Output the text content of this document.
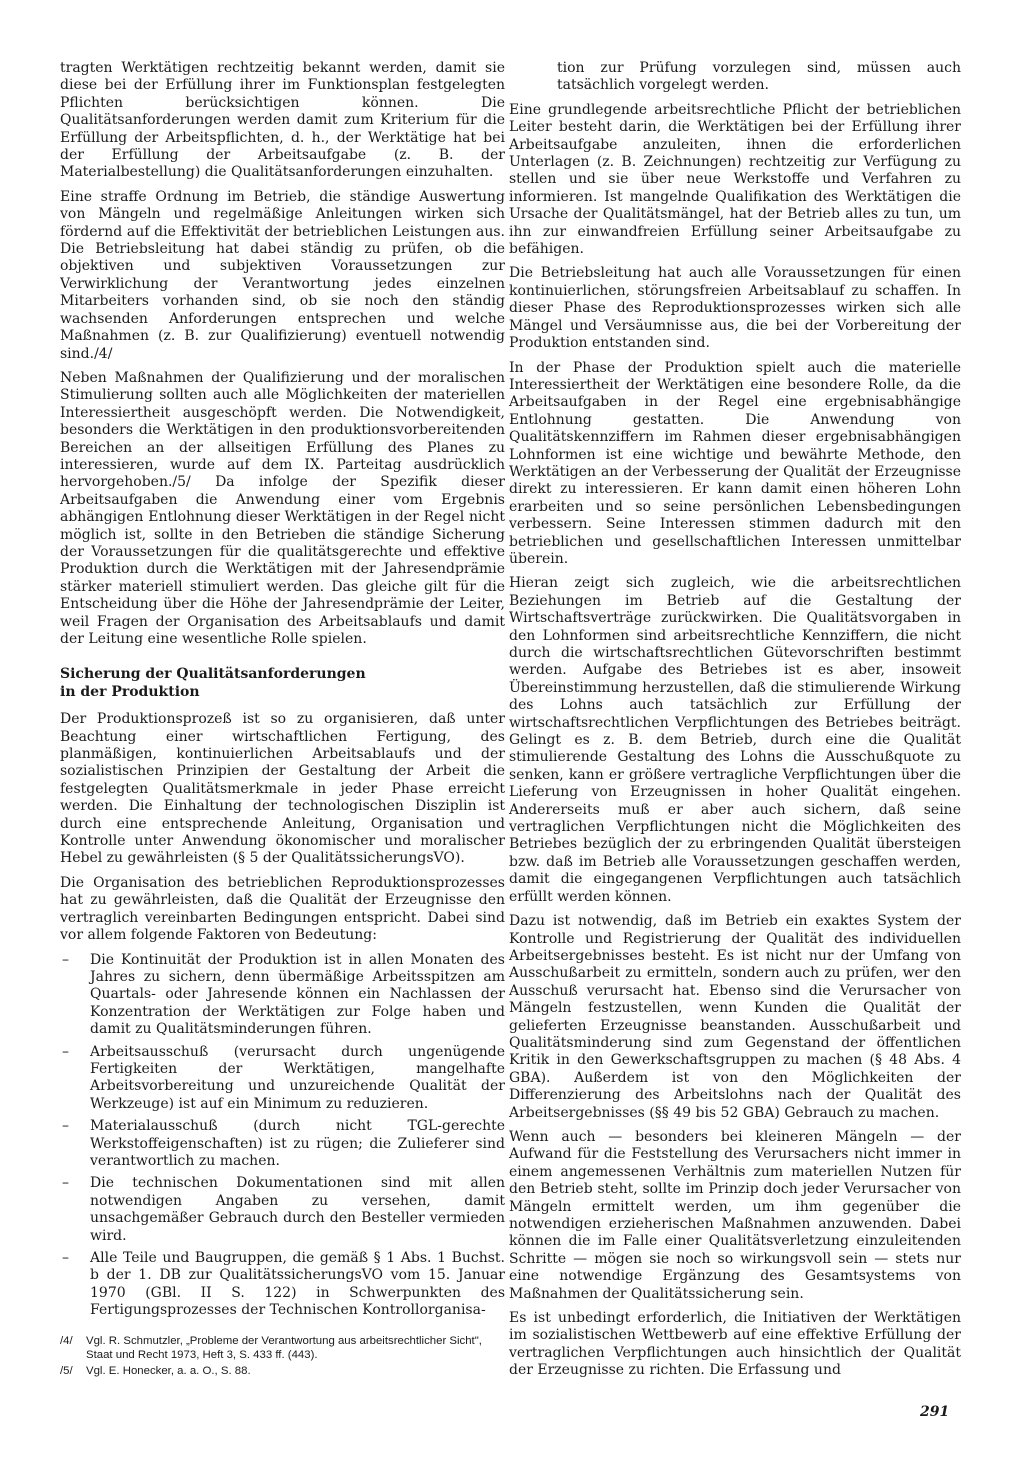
tragten Werktätigen rechtzeitig bekannt werden, damit sie diese bei der Erfüllung ihrer im Funktionsplan festgelegten Pflichten berücksichtigen können. Die Qualitätsanforderungen werden damit zum Kriterium für die Erfüllung der Arbeitspflichten, d. h., der Werktätige hat bei der Erfüllung der Arbeitsaufgabe (z. B. der Materialbestellung) die Qualitätsanforderungen einzuhalten.

Eine straffe Ordnung im Betrieb, die ständige Auswertung von Mängeln und regelmäßige Anleitungen wirken sich fördernd auf die Effektivität der betrieblichen Leistungen aus. Die Betriebsleitung hat dabei ständig zu prüfen, ob die objektiven und subjektiven Voraussetzungen zur Verwirklichung der Verantwortung jedes einzelnen Mitarbeiters vorhanden sind, ob sie noch den ständig wachsenden Anforderungen entsprechen und welche Maßnahmen (z. B. zur Qualifizierung) eventuell notwendig sind./4/

Neben Maßnahmen der Qualifizierung und der moralischen Stimulierung sollten auch alle Möglichkeiten der materiellen Interessiertheit ausgeschöpft werden. Die Notwendigkeit, besonders die Werktätigen in den produktionsvorbereitenden Bereichen an der allseitigen Erfüllung des Planes zu interessieren, wurde auf dem IX. Parteitag ausdrücklich hervorgehoben./5/ Da infolge der Spezifik dieser Arbeitsaufgaben die Anwendung einer vom Ergebnis abhängigen Entlohnung dieser Werktätigen in der Regel nicht möglich ist, sollte in den Betrieben die ständige Sicherung der Voraussetzungen für die qualitätsgerechte und effektive Produktion durch die Werktätigen mit der Jahresendprämie stärker materiell stimuliert werden. Das gleiche gilt für die Entscheidung über die Höhe der Jahresendprämie der Leiter, weil Fragen der Organisation des Arbeitsablaufs und damit der Leitung eine wesentliche Rolle spielen.

Sicherung der Qualitätsanforderungen
in der Produktion

Der Produktionsprozeß ist so zu organisieren, daß unter Beachtung einer wirtschaftlichen Fertigung, des planmäßigen, kontinuierlichen Arbeitsablaufs und der sozialistischen Prinzipien der Gestaltung der Arbeit die festgelegten Qualitätsmerkmale in jeder Phase erreicht werden. Die Einhaltung der technologischen Disziplin ist durch eine entsprechende Anleitung, Organisation und Kontrolle unter Anwendung ökonomischer und moralischer Hebel zu gewährleisten (§ 5 der QualitätssicherungsVO).

Die Organisation des betrieblichen Reproduktionsprozesses hat zu gewährleisten, daß die Qualität der Erzeugnisse den vertraglich vereinbarten Bedingungen entspricht. Dabei sind vor allem folgende Faktoren von Bedeutung:

– Die Kontinuität der Produktion ist in allen Monaten des Jahres zu sichern, denn übermäßige Arbeitsspitzen am Quartals- oder Jahresende können ein Nachlassen der Konzentration der Werktätigen zur Folge haben und damit zu Qualitätsminderungen führen.
– Arbeitsausschuß (verursacht durch ungenügende Fertigkeiten der Werktätigen, mangelhafte Arbeitsvorbereitung und unzureichende Qualität der Werkzeuge) ist auf ein Minimum zu reduzieren.
– Materialausschuß (durch nicht TGL-gerechte Werkstoffeigenschaften) ist zu rügen; die Zulieferer sind verantwortlich zu machen.
– Die technischen Dokumentationen sind mit allen notwendigen Angaben zu versehen, damit unsachgemäßer Gebrauch durch den Besteller vermieden wird.
– Alle Teile und Baugruppen, die gemäß § 1 Abs. 1 Buchst. b der 1. DB zur QualitätssicherungsVO vom 15. Januar 1970 (GBl. II S. 122) in Schwerpunkten des Fertigungsprozesses der Technischen Kontrollorganisa-
/4/	Vgl. R. Schmutzler, „Probleme der Verantwortung aus arbeitsrechtlicher Sicht", Staat und Recht 1973, Heft 3, S. 433 ff. (443).
/5/	Vgl. E. Honecker, a. a. O., S. 88.

tion zur Prüfung vorzulegen sind, müssen auch tatsächlich vorgelegt werden.

Eine grundlegende arbeitsrechtliche Pflicht der betrieblichen Leiter besteht darin, die Werktätigen bei der Erfüllung ihrer Arbeitsaufgabe anzuleiten, ihnen die erforderlichen Unterlagen (z. B. Zeichnungen) rechtzeitig zur Verfügung zu stellen und sie über neue Werkstoffe und Verfahren zu informieren. Ist mangelnde Qualifikation des Werktätigen die Ursache der Qualitätsmängel, hat der Betrieb alles zu tun, um ihn zur einwandfreien Erfüllung seiner Arbeitsaufgabe zu befähigen.

Die Betriebsleitung hat auch alle Voraussetzungen für einen kontinuierlichen, störungsfreien Arbeitsablauf zu schaffen. In dieser Phase des Reproduktionsprozesses wirken sich alle Mängel und Versäumnisse aus, die bei der Vorbereitung der Produktion entstanden sind.

In der Phase der Produktion spielt auch die materielle Interessiertheit der Werktätigen eine besondere Rolle, da die Arbeitsaufgaben in der Regel eine ergebnisabhängige Entlohnung gestatten. Die Anwendung von Qualitätskennziffern im Rahmen dieser ergebnisabhängigen Lohnformen ist eine wichtige und bewährte Methode, den Werktätigen an der Verbesserung der Qualität der Erzeugnisse direkt zu interessieren. Er kann damit einen höheren Lohn erarbeiten und so seine persönlichen Lebensbedingungen verbessern. Seine Interessen stimmen dadurch mit den betrieblichen und gesellschaftlichen Interessen unmittelbar überein.

Hieran zeigt sich zugleich, wie die arbeitsrechtlichen Beziehungen im Betrieb auf die Gestaltung der Wirtschaftsverträge zurückwirken. Die Qualitätsvorgaben in den Lohnformen sind arbeitsrechtliche Kennziffern, die nicht durch die wirtschaftsrechtlichen Gütevorschriften bestimmt werden. Aufgabe des Betriebes ist es aber, insoweit Übereinstimmung herzustellen, daß die stimulierende Wirkung des Lohns auch tatsächlich zur Erfüllung der wirtschaftsrechtlichen Verpflichtungen des Betriebes beiträgt. Gelingt es z. B. dem Betrieb, durch eine die Qualität stimulierende Gestaltung des Lohns die Ausschußquote zu senken, kann er größere vertragliche Verpflichtungen über die Lieferung von Erzeugnissen in hoher Qualität eingehen. Andererseits muß er aber auch sichern, daß seine vertraglichen Verpflichtungen nicht die Möglichkeiten des Betriebes bezüglich der zu erbringenden Qualität übersteigen bzw. daß im Betrieb alle Voraussetzungen geschaffen werden, damit die eingegangenen Verpflichtungen auch tatsächlich erfüllt werden können.

Dazu ist notwendig, daß im Betrieb ein exaktes System der Kontrolle und Registrierung der Qualität des individuellen Arbeitsergebnisses besteht. Es ist nicht nur der Umfang von Ausschußarbeit zu ermitteln, sondern auch zu prüfen, wer den Ausschuß verursacht hat. Ebenso sind die Verursacher von Mängeln festzustellen, wenn Kunden die Qualität der gelieferten Erzeugnisse beanstanden. Ausschußarbeit und Qualitätsminderung sind zum Gegenstand der öffentlichen Kritik in den Gewerkschaftsgruppen zu machen (§ 48 Abs. 4 GBA). Außerdem ist von den Möglichkeiten der Differenzierung des Arbeitslohns nach der Qualität des Arbeitsergebnisses (§§ 49 bis 52 GBA) Gebrauch zu machen.

Wenn auch — besonders bei kleineren Mängeln — der Aufwand für die Feststellung des Verursachers nicht immer in einem angemessenen Verhältnis zum materiellen Nutzen für den Betrieb steht, sollte im Prinzip doch jeder Verursacher von Mängeln ermittelt werden, um ihm gegenüber die notwendigen erzieherischen Maßnahmen anzuwenden. Dabei können die im Falle einer Qualitätsverletzung einzuleitenden Schritte — mögen sie noch so wirkungsvoll sein — stets nur eine notwendige Ergänzung des Gesamtsystems von Maßnahmen der Qualitätssicherung sein.

Es ist unbedingt erforderlich, die Initiativen der Werktätigen im sozialistischen Wettbewerb auf eine effektive Erfüllung der vertraglichen Verpflichtungen auch hinsichtlich der Qualität der Erzeugnisse zu richten. Die Erfassung und

291
